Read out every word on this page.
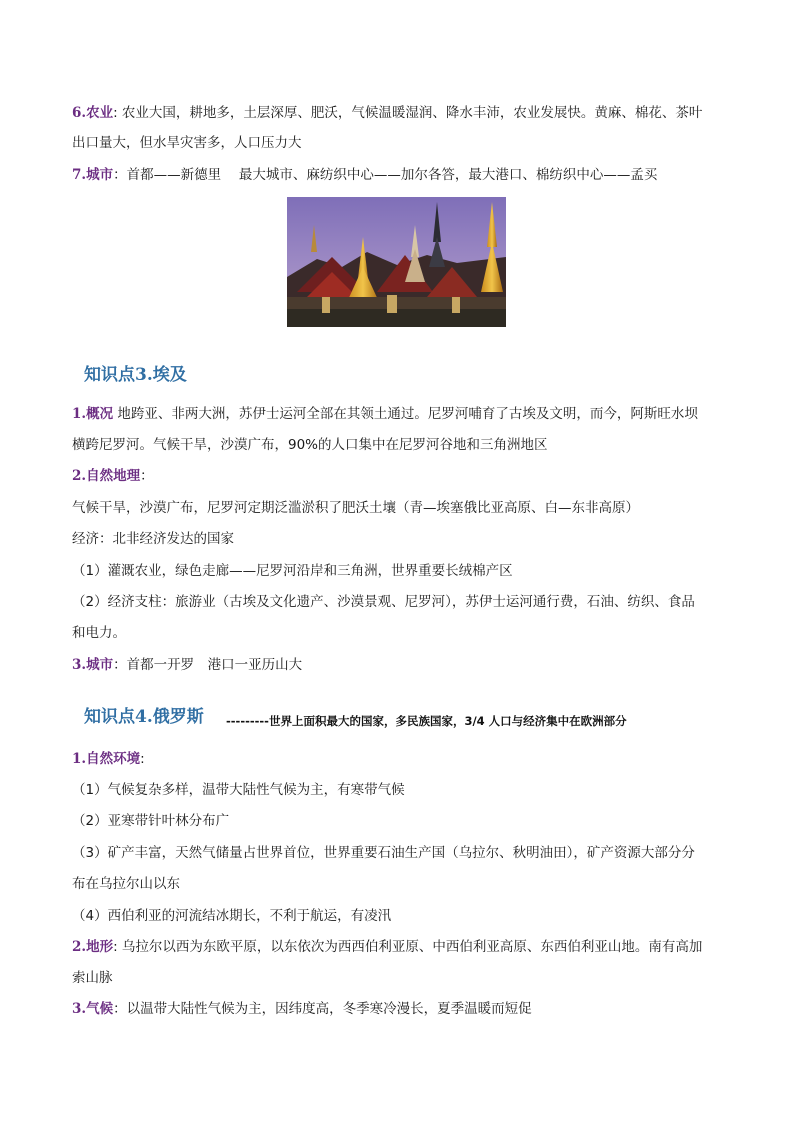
6.农业: 农业大国，耕地多，土层深厚、肥沃，气候温暖湿润、降水丰沛，农业发展快。黄麻、棉花、茶叶
出口量大，但水旱灾害多，人口压力大
7.城市：首都——新德里　 最大城市、麻纺织中心——加尔各答，最大港口、棉纺织中心——孟买
知识点3.埃及
1.概况 地跨亚、非两大洲，苏伊士运河全部在其领土通过。尼罗河哺育了古埃及文明，而今，阿斯旺水坝
横跨尼罗河。气候干旱，沙漠广布，90%的人口集中在尼罗河谷地和三角洲地区
2.自然地理：
气候干旱，沙漠广布，尼罗河定期泛滥淤积了肥沃土壤（青—埃塞俄比亚高原、白—东非高原）
经济：北非经济发达的国家
（1）灌溉农业，绿色走廊——尼罗河沿岸和三角洲，世界重要长绒棉产区
（2）经济支柱：旅游业（古埃及文化遗产、沙漠景观、尼罗河），苏伊士运河通行费，石油、纺织、食品
和电力。
3.城市：首都一开罗　港口一亚历山大
知识点4.俄罗斯 ---------世界上面积最大的国家，多民族国家，3/4 人口与经济集中在欧洲部分
1.自然环境:
（1）气候复杂多样，温带大陆性气候为主，有寒带气候
（2）亚寒带针叶林分布广
（3）矿产丰富，天然气储量占世界首位，世界重要石油生产国（乌拉尔、秋明油田），矿产资源大部分分
布在乌拉尔山以东
（4）西伯利亚的河流结冰期长，不利于航运，有凌汛
2.地形: 乌拉尔以西为东欧平原，以东依次为西西伯利亚原、中西伯利亚高原、东西伯利亚山地。南有高加
索山脉
3.气候：以温带大陆性气候为主，因纬度高，冬季寒冷漫长，夏季温暖而短促
